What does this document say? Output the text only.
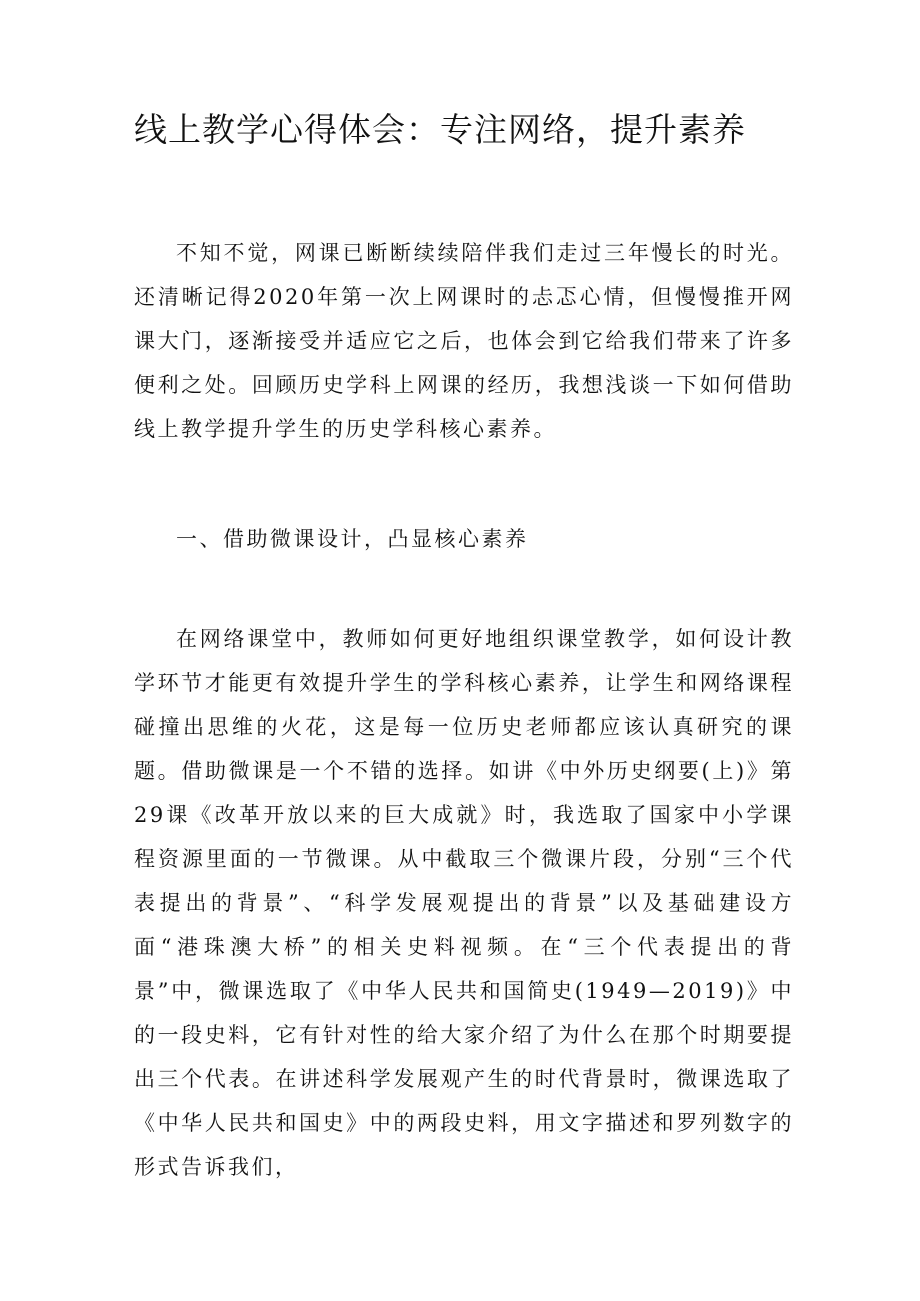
线上教学心得体会：专注网络，提升素养

不知不觉，网课已断断续续陪伴我们走过三年慢长的时光。还清晰记得2020年第一次上网课时的忐忑心情，但慢慢推开网课大门，逐渐接受并适应它之后，也体会到它给我们带来了许多便利之处。回顾历史学科上网课的经历，我想浅谈一下如何借助线上教学提升学生的历史学科核心素养。

一、借助微课设计，凸显核心素养

在网络课堂中，教师如何更好地组织课堂教学，如何设计教学环节才能更有效提升学生的学科核心素养，让学生和网络课程碰撞出思维的火花，这是每一位历史老师都应该认真研究的课题。借助微课是一个不错的选择。如讲《中外历史纲要(上)》第29课《改革开放以来的巨大成就》时，我选取了国家中小学课程资源里面的一节微课。从中截取三个微课片段，分别“三个代表提出的背景”、“科学发展观提出的背景”以及基础建设方面“港珠澳大桥”的相关史料视频。在“三个代表提出的背景”中，微课选取了《中华人民共和国简史(1949—2019)》中的一段史料，它有针对性的给大家介绍了为什么在那个时期要提出三个代表。在讲述科学发展观产生的时代背景时，微课选取了《中华人民共和国史》中的两段史料，用文字描述和罗列数字的形式告诉我们，
